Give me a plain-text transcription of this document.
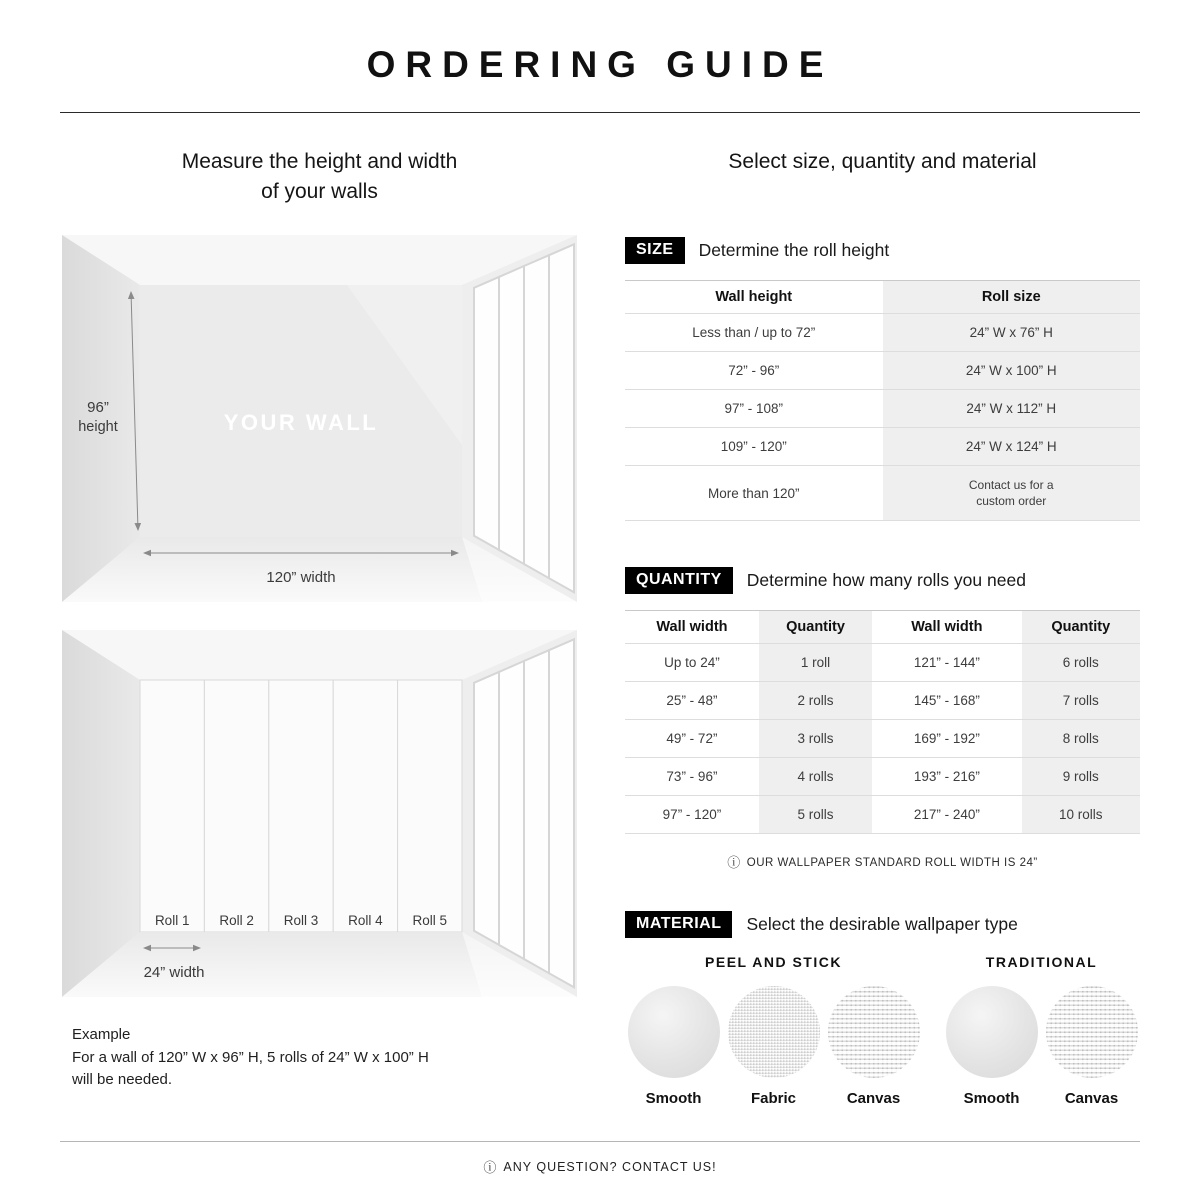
ORDERING GUIDE
Measure the height and width
of your walls
96”
height	YOUR WALL
120” width
Roll 1 Roll 2 Roll 3 Roll 4 Roll 5
24” width
Example
For a wall of 120” W x 96” H, 5 rolls of 24” W x 100” H
will be needed.
Select size, quantity and material
SIZE	Determine the roll height
Wall height	Roll size
Less than / up to 72”	24” W x 76” H
72” - 96”	24” W x 100” H
97” - 108”	24” W x 112” H
109” - 120”	24” W x 124” H
More than 120”	Contact us for a custom order
QUANTITY	Determine how many rolls you need
Wall width	Quantity	Wall width	Quantity
Up to 24”	1 roll	121” - 144”	6 rolls
25” - 48”	2 rolls	145” - 168”	7 rolls
49” - 72”	3 rolls	169” - 192”	8 rolls
73” - 96”	4 rolls	193” - 216”	9 rolls
97” - 120”	5 rolls	217” - 240”	10 rolls

ⓘ OUR WALLPAPER STANDARD ROLL WIDTH IS 24”

MATERIAL	Select the desirable wallpaper type
PEEL AND STICK
Smooth	Fabric	Canvas
TRADITIONAL
Smooth	Canvas
ⓘ ANY QUESTION? CONTACT US!
